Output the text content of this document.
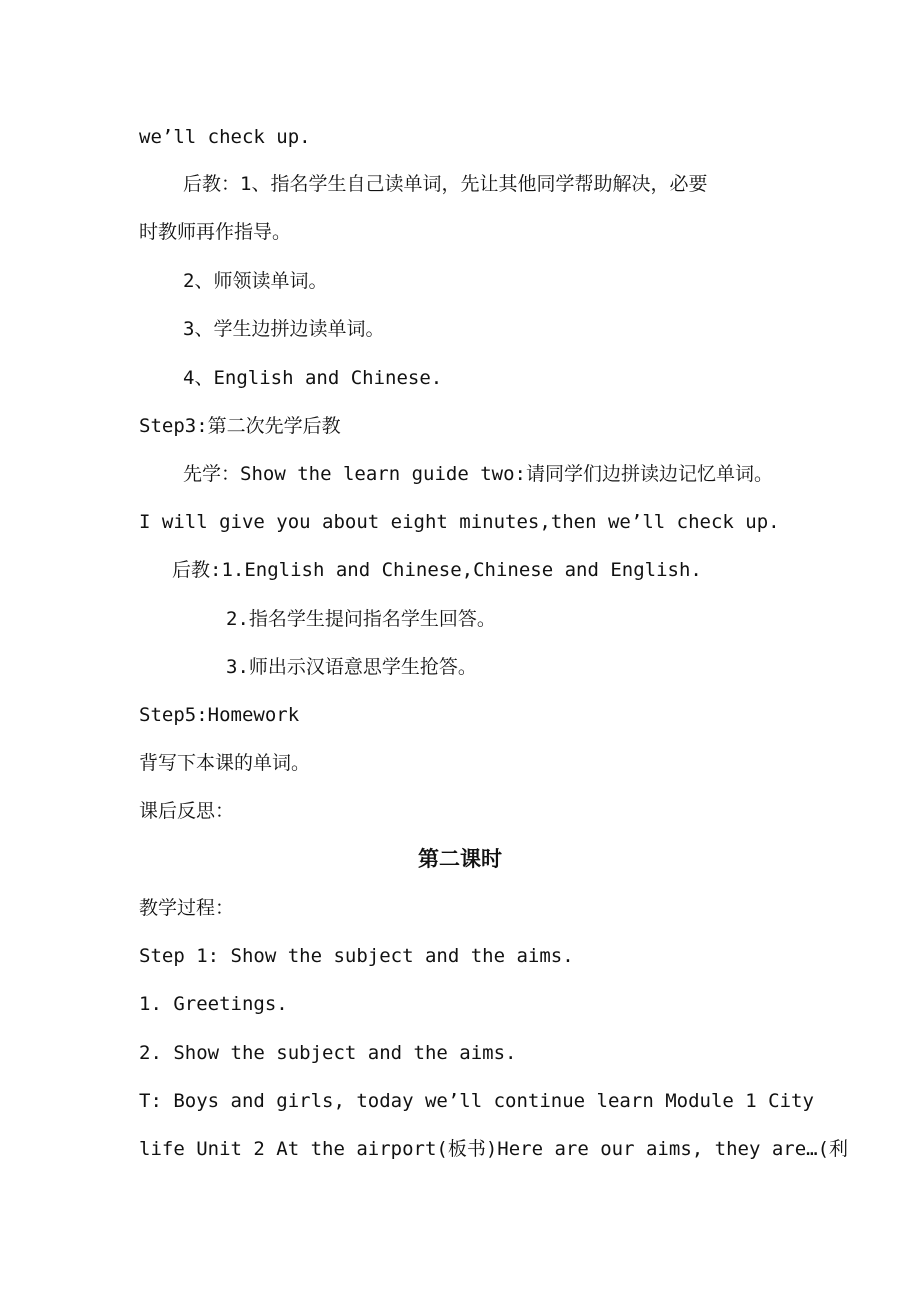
we’ll check up.
后教：1、指名学生自己读单词，先让其他同学帮助解决，必要
时教师再作指导。
2、师领读单词。
3、学生边拼边读单词。
4、English and Chinese.
Step3:第二次先学后教
先学：Show the learn guide two:请同学们边拼读边记忆单词。
I will give you about eight minutes,then we’ll check up.
后教:1.English and Chinese,Chinese and English.
2.指名学生提问指名学生回答。
3.师出示汉语意思学生抢答。
Step5:Homework
背写下本课的单词。
课后反思：
第二课时
教学过程：
Step 1: Show the subject and the aims.
1. Greetings.
2. Show the subject and the aims.
T: Boys and girls, today we’ll continue learn Module 1 City
life Unit 2 At the airport(板书)Here are our aims, they are…(利
